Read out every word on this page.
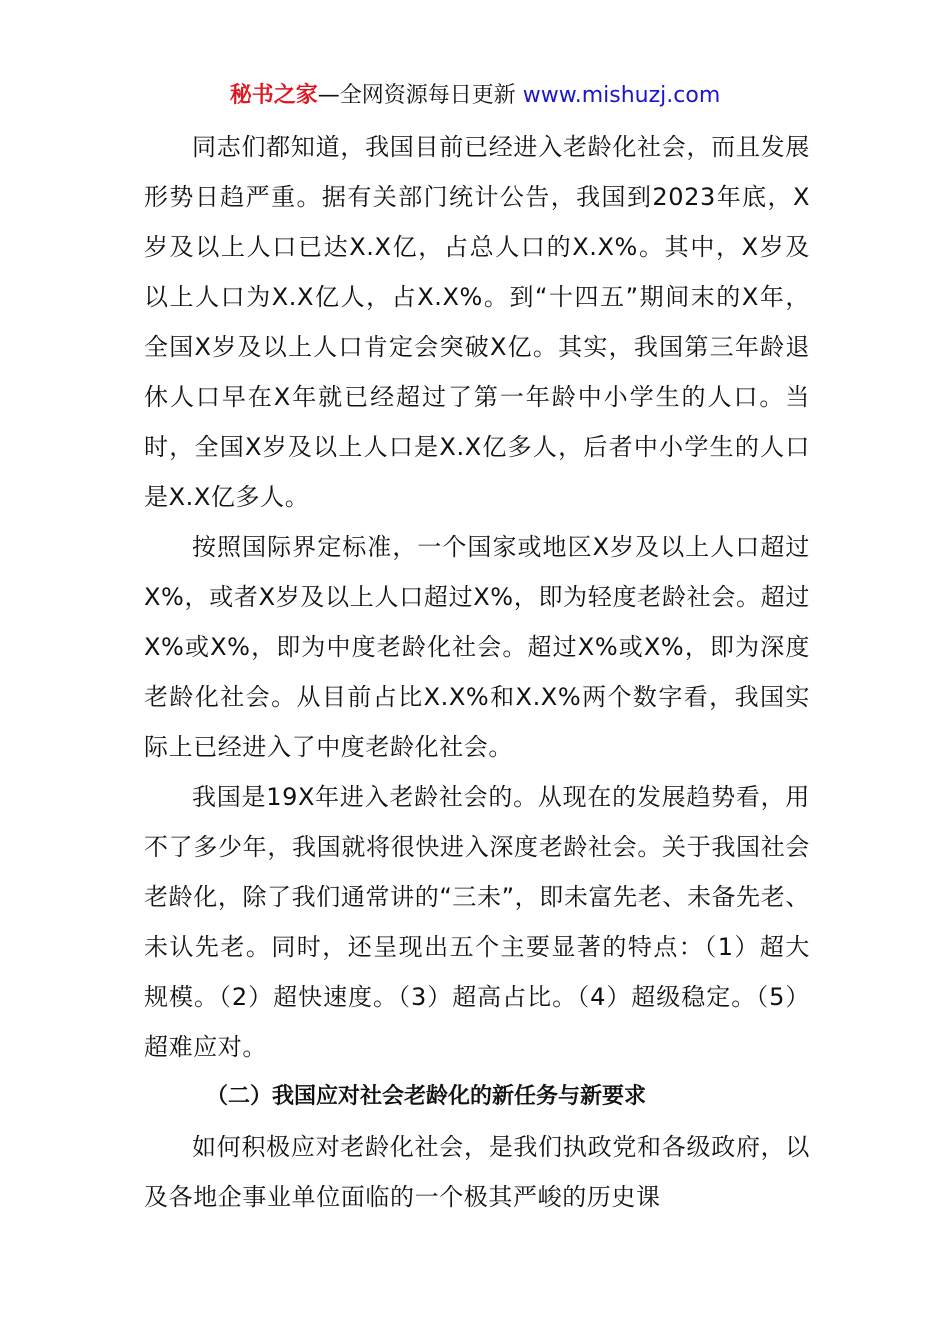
秘书之家—全网资源每日更新 www.mishuzj.com

同志们都知道，我国目前已经进入老龄化社会，而且发展形势日趋严重。据有关部门统计公告，我国到2023年底，X岁及以上人口已达X.X亿，占总人口的X.X%。其中，X岁及以上人口为X.X亿人，占X.X%。到“十四五”期间末的X年，全国X岁及以上人口肯定会突破X亿。其实，我国第三年龄退休人口早在X年就已经超过了第一年龄中小学生的人口。当时，全国X岁及以上人口是X.X亿多人，后者中小学生的人口是X.X亿多人。

按照国际界定标准，一个国家或地区X岁及以上人口超过X%，或者X岁及以上人口超过X%，即为轻度老龄社会。超过X%或X%，即为中度老龄化社会。超过X%或X%，即为深度老龄化社会。从目前占比X.X%和X.X%两个数字看，我国实际上已经进入了中度老龄化社会。

我国是19X年进入老龄社会的。从现在的发展趋势看，用不了多少年，我国就将很快进入深度老龄社会。关于我国社会老龄化，除了我们通常讲的“三未”，即未富先老、未备先老、未认先老。同时，还呈现出五个主要显著的特点：（1）超大规模。（2）超快速度。（3）超高占比。（4）超级稳定。（5）超难应对。

（二）我国应对社会老龄化的新任务与新要求

如何积极应对老龄化社会，是我们执政党和各级政府，以及各地企事业单位面临的一个极其严峻的历史课
